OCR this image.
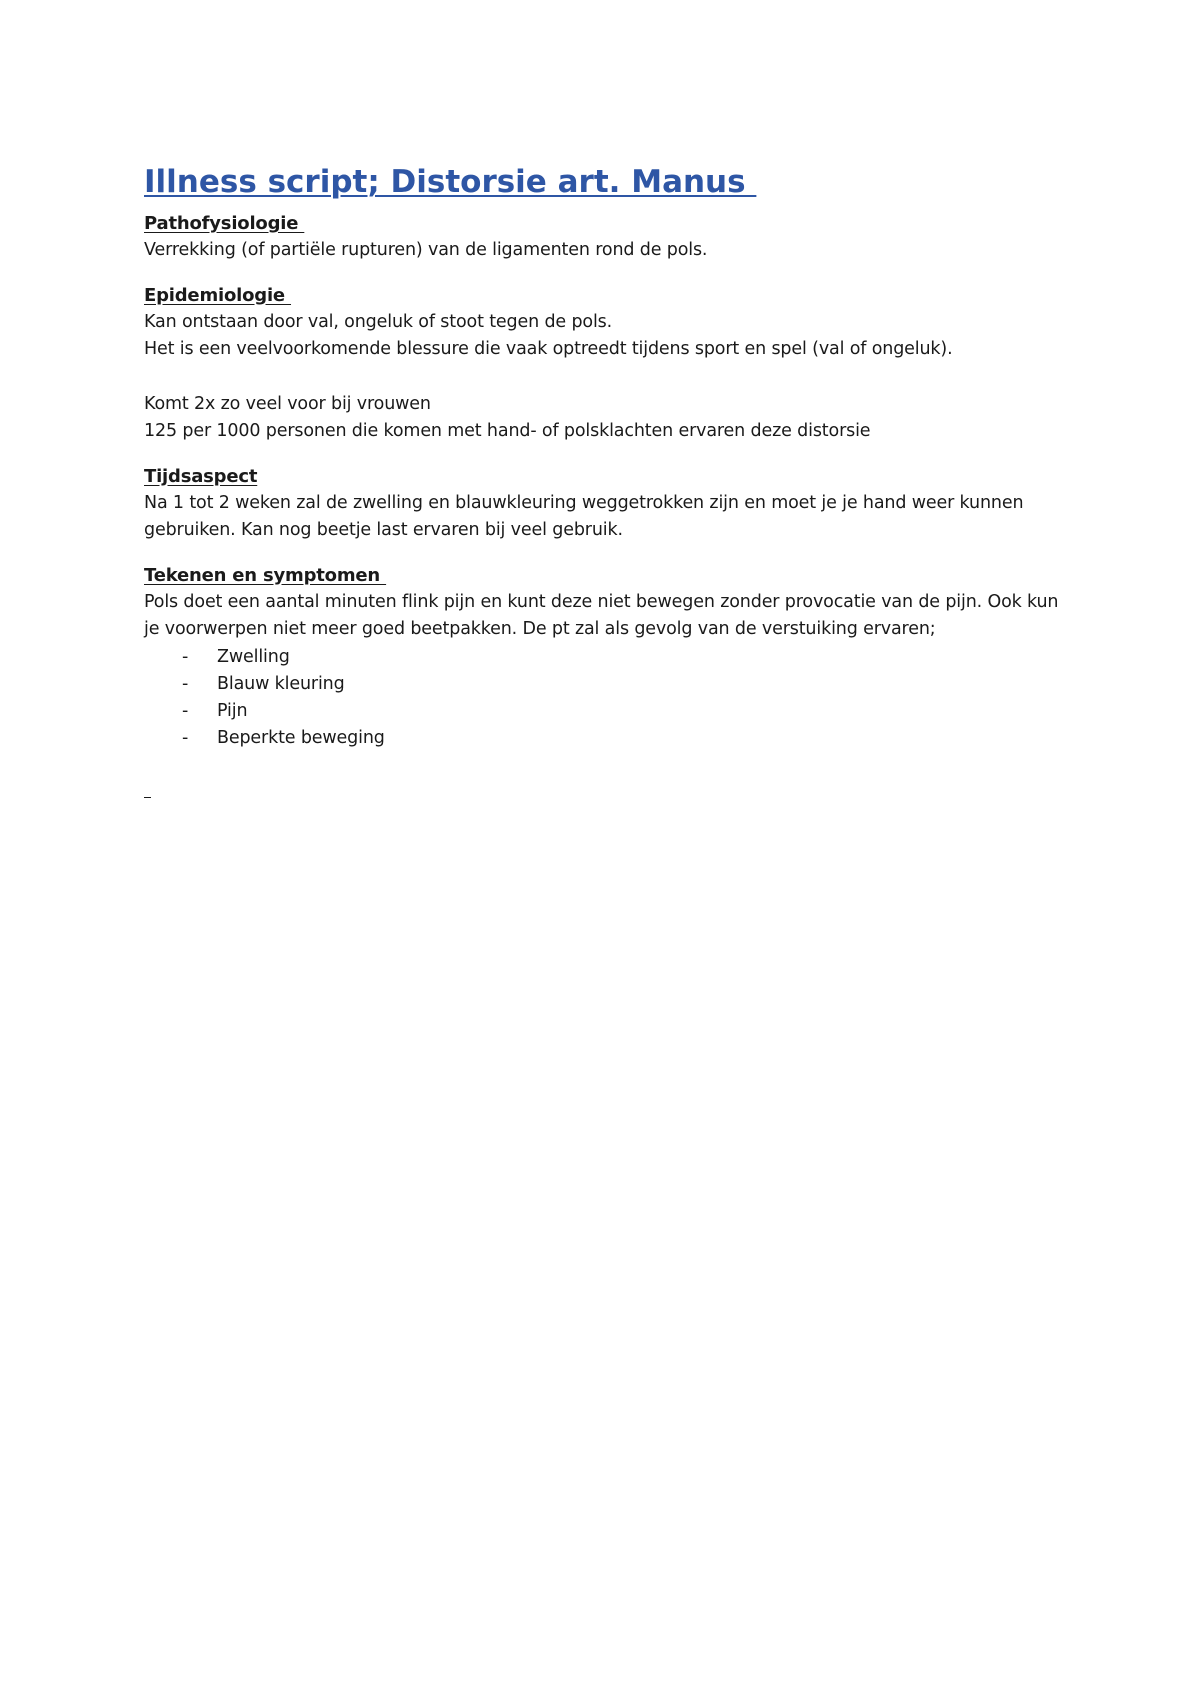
Illness script; Distorsie art. Manus
Pathofysiologie

Verrekking (of partiële rupturen) van de ligamenten rond de pols.

Epidemiologie

Kan ontstaan door val, ongeluk of stoot tegen de pols.

Het is een veelvoorkomende blessure die vaak optreedt tijdens sport en spel (val of ongeluk).

Komt 2x zo veel voor bij vrouwen

125 per 1000 personen die komen met hand- of polsklachten ervaren deze distorsie

Tijdsaspect

Na 1 tot 2 weken zal de zwelling en blauwkleuring weggetrokken zijn en moet je je hand weer kunnen gebruiken. Kan nog beetje last ervaren bij veel gebruik.

Tekenen en symptomen

Pols doet een aantal minuten flink pijn en kunt deze niet bewegen zonder provocatie van de pijn. Ook kun je voorwerpen niet meer goed beetpakken. De pt zal als gevolg van de verstuiking ervaren;

- Zwelling
- Blauw kleuring
- Pijn
- Beperkte beweging
